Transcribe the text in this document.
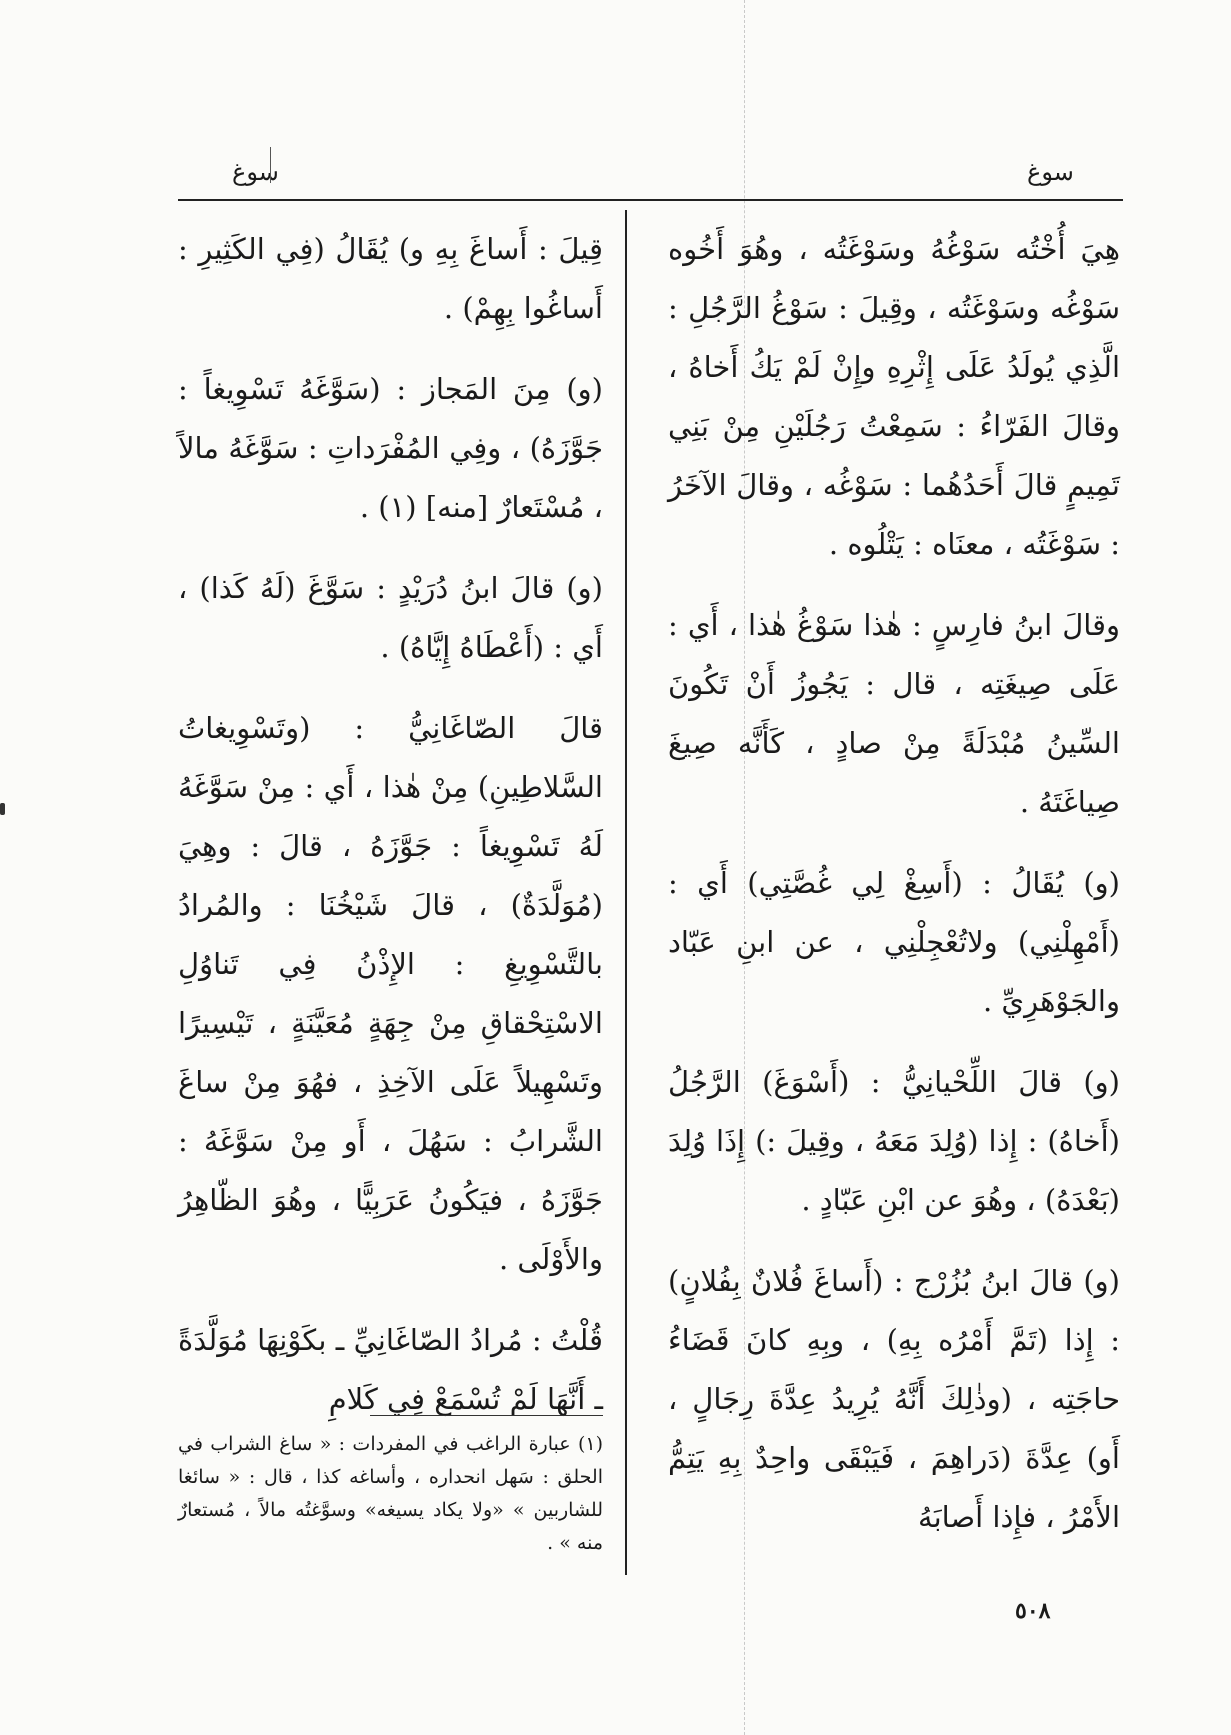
سوغ
سوغ

هِيَ أُخْتُه سَوْغُهُ وسَوْغَتُه ، وهُوَ أَخُوه سَوْغُه وسَوْغَتُه ، وقِيلَ : سَوْغُ الرَّجُلِ : الَّذِي يُولَدُ عَلَى إِثْرِهِ وإِنْ لَمْ يَكُ أَخاهُ ، وقالَ الفَرّاءُ : سَمِعْتُ رَجُلَيْنِ مِنْ بَنِي تَمِيمٍ قالَ أَحَدُهُما : سَوْغُه ، وقالَ الآخَرُ : سَوْغَتُه ، معنَاه : يَتْلُوه .

وقالَ ابنُ فارِسٍ : هٰذا سَوْغُ هٰذا ، أَي : عَلَى صِيغَتِه ، قال : يَجُوزُ أَنْ تَكُونَ السِّينُ مُبْدَلَةً مِنْ صادٍ ، كَأَنَّه صِيغَ صِياغَتَهُ .

(و) يُقَالُ : (أَسِغْ لِي غُصَّتِي) أَي : (أَمْهِلْنِي) ولاتُعْجِلْنِي ، عن ابنِ عَبّاد والجَوْهَرِيِّ .

(و) قالَ اللِّحْيانِيُّ : (أَسْوَغَ) الرَّجُلُ (أَخاهُ) : إِذا (وُلِدَ مَعَهُ ، وقِيلَ :) إِذَا وُلِدَ (بَعْدَهُ) ، وهُوَ عن ابْنِ عَبّادٍ .

(و) قالَ ابنُ بُزُرْج : (أَساغَ فُلانٌ بِفُلانٍ) : إِذا (تَمَّ أَمْرُه بِهِ) ، وبِهِ كانَ قَضَاءُ حاجَتِه ، (وذٰلِكَ أَنَّهُ يُرِيدُ عِدَّةَ رِجَالٍ ، أَو) عِدَّةَ (دَراهِمَ ، فَيَبْقَى واحِدٌ بِهِ يَتِمُّ الأَمْرُ ، فإِذا أَصابَهُ

قِيلَ : أَساغَ بِهِ و) يُقَالُ (فِي الكَثِيرِ : أَساغُوا بِهِمْ) .

(و) مِنَ المَجاز : (سَوَّغَهُ تَسْوِيغاً : جَوَّزَهُ) ، وفِي المُفْرَداتِ : سَوَّغَهُ مالاً ، مُسْتَعارٌ [منه] (١) .

(و) قالَ ابنُ دُرَيْدٍ : سَوَّغَ (لَهُ كَذا) ، أَي : (أَعْطَاهُ إِيَّاهُ) .

قالَ الصّاغَانِيُّ : (وتَسْوِيغاتُ السَّلاطِينِ) مِنْ هٰذا ، أَي : مِنْ سَوَّغَهُ لَهُ تَسْوِيغاً : جَوَّزَهُ ، قالَ : وهِيَ (مُوَلَّدَةٌ) ، قالَ شَيْخُنَا : والمُرادُ بالتَّسْوِيغِ : الإِذْنُ فِي تَناوُلِ الاسْتِحْقاقِ مِنْ جِهَةٍ مُعَيَّنَةٍ ، تَيْسِيرًا وتَسْهِيلاً عَلَى الآخِذِ ، فهُوَ مِنْ ساغَ الشَّرابُ : سَهُلَ ، أَو مِنْ سَوَّغَهُ : جَوَّزَهُ ، فيَكُونُ عَرَبِيًّا ، وهُوَ الظّاهِرُ والأَوْلَى .

قُلْتُ : مُرادُ الصّاغَانِيِّ ـ بكَوْنِهَا مُوَلَّدَةً ـ أَنَّهَا لَمْ تُسْمَعْ فِي كَلامِ

(١) عبارة الراغب في المفردات : « ساغ الشراب في الحلق : سَهل انحداره ، وأساغه كذا ، قال : « سائغا للشاربين » «ولا يكاد يسيغه» وسوَّغتُه مالاً ، مُستعارٌ منه » .
٥٠٨
